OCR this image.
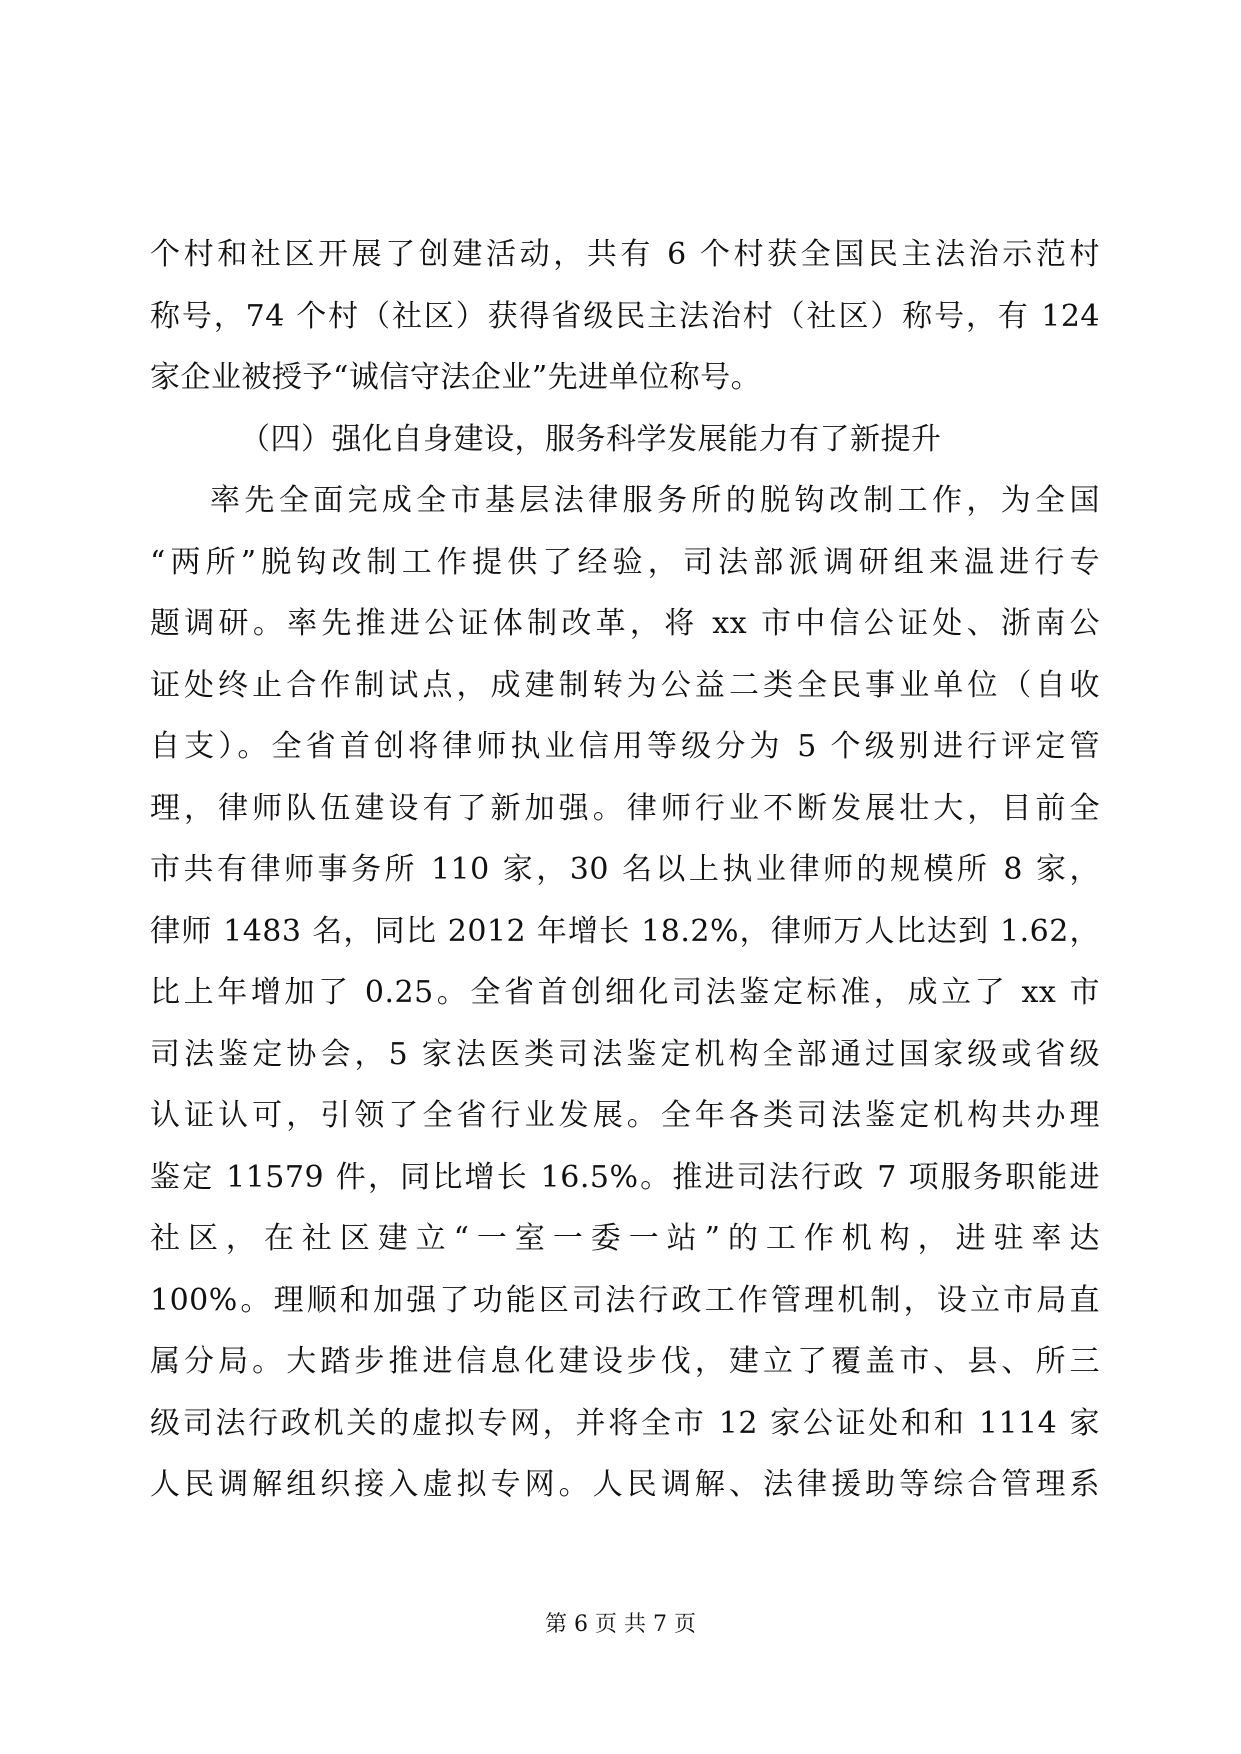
个村和社区开展了创建活动，共有 6 个村获全国民主法治示范村
称号，74 个村（社区）获得省级民主法治村（社区）称号，有 124
家企业被授予“诚信守法企业”先进单位称号。
（四）强化自身建设，服务科学发展能力有了新提升
率先全面完成全市基层法律服务所的脱钩改制工作，为全国
“两所”脱钩改制工作提供了经验，司法部派调研组来温进行专
题调研。率先推进公证体制改革，将 xx 市中信公证处、浙南公
证处终止合作制试点，成建制转为公益二类全民事业单位（自收
自支）。全省首创将律师执业信用等级分为 5 个级别进行评定管
理，律师队伍建设有了新加强。律师行业不断发展壮大，目前全
市共有律师事务所 110 家，30 名以上执业律师的规模所 8 家，
律师 1483 名，同比 2012 年增长 18.2%，律师万人比达到 1.62，
比上年增加了 0.25。全省首创细化司法鉴定标准，成立了 xx 市
司法鉴定协会，5 家法医类司法鉴定机构全部通过国家级或省级
认证认可，引领了全省行业发展。全年各类司法鉴定机构共办理
鉴定 11579 件，同比增长 16.5%。推进司法行政 7 项服务职能进
社区，在社区建立“一室一委一站”的工作机构，进驻率达
100%。理顺和加强了功能区司法行政工作管理机制，设立市局直
属分局。大踏步推进信息化建设步伐，建立了覆盖市、县、所三
级司法行政机关的虚拟专网，并将全市 12 家公证处和和 1114 家
人民调解组织接入虚拟专网。人民调解、法律援助等综合管理系
第 6 页 共 7 页
